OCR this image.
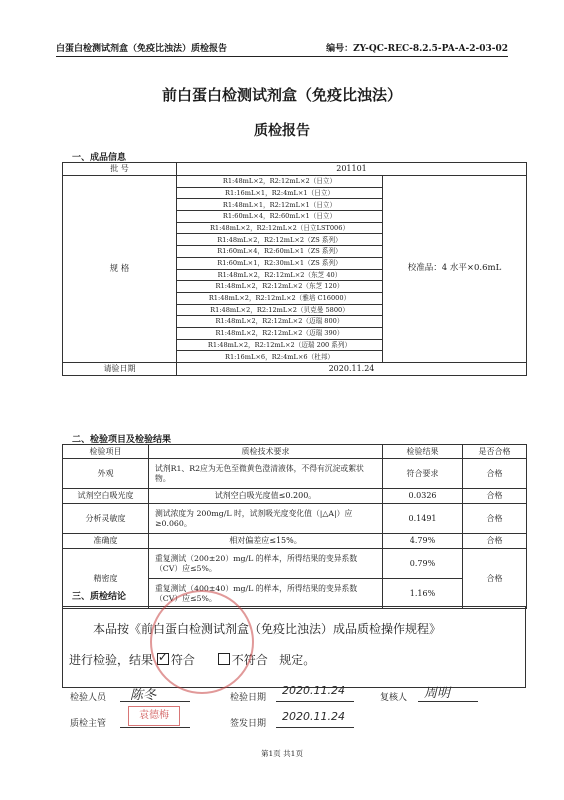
白蛋白检测试剂盒（免疫比浊法）质检报告	编号：ZY-QC-REC-8.2.5-PA-A-2-03-02
前白蛋白检测试剂盒（免疫比浊法）
质检报告
一、成品信息
批 号	201101	
规 格	R1:48mL×2，R2:12mL×2（日立）	校准品：4 水平×0.6mL
	R1:16mL×1，R2:4mL×1（日立）	
	R1:48mL×1，R2:12mL×1（日立）	
	R1:60mL×4，R2:60mL×1（日立）	
	R1:48mL×2，R2:12mL×2（日立LST006）	
	R1:48mL×2，R2:12mL×2（ZS 系列）	
	R1:60mL×4，R2:60mL×1（ZS 系列）	
	R1:60mL×1，R2:30mL×1（ZS 系列）	
	R1:48mL×2，R2:12mL×2（东芝 40）	
	R1:48mL×2，R2:12mL×2（东芝 120）	
	R1:48mL×2，R2:12mL×2（雅培 C16000）	
	R1:48mL×2，R2:12mL×2（贝克曼 5800）	
	R1:48mL×2，R2:12mL×2（迈瑞 800）	
	R1:48mL×2，R2:12mL×2（迈瑞 390）	
	R1:48mL×2，R2:12mL×2（迈瑞 200 系列）	
	R1:16mL×6，R2:4mL×6（杜邦）	
请验日期	2020.11.24	
二、检验项目及检验结果
检验项目	质检技术要求	检验结果	是否合格
外观	试剂R1、R2应为无色至微黄色澄清液体，不得有沉淀或絮状物。	符合要求	合格
试剂空白吸光度	试剂空白吸光度值≤0.200。	0.0326	合格
分析灵敏度	测试浓度为 200mg/L 时，试剂吸光度变化值（|△A|）应≥0.060。	0.1491	合格
准确度	相对偏差应≤15%。	4.79%	合格
精密度	重复测试（200±20）mg/L 的样本，所得结果的变异系数（CV）应≤5%。	0.79%	合格
	重复测试（400±40）mg/L 的样本，所得结果的变异系数（CV）应≤5%。	1.16%	
三、质检结论
本品按《前白蛋白检测试剂盒（免疫比浊法）成品质检操作规程》
进行检验，结果 ✓ 符合	不符合 规定。
检验人员 陈冬	检验日期
2020.11.24
复核人 周明
质检主管
袁德梅
签发日期
2020.11.24
第1页 共1页
